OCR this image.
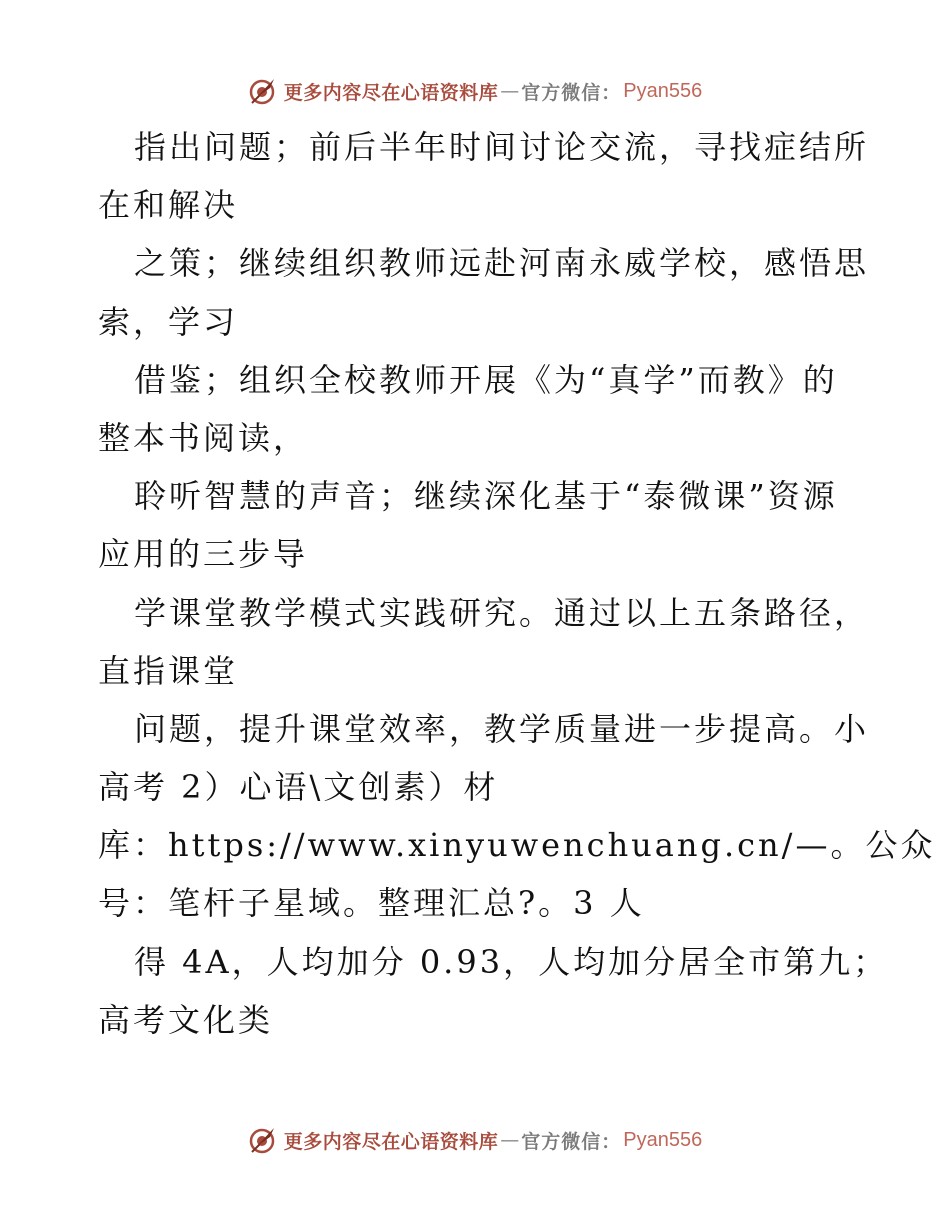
更多内容尽在心语资料库 — 官方微信： Pyan556
指出问题；前后半年时间讨论交流，寻找症结所
在和解决
之策；继续组织教师远赴河南永威学校，感悟思
索，学习
借鉴；组织全校教师开展《为“真学”而教》的
整本书阅读，
聆听智慧的声音；继续深化基于“泰微课”资源
应用的三步导
学课堂教学模式实践研究。通过以上五条路径，
直指课堂
问题，提升课堂效率，教学质量进一步提高。小
高考 2）心语\文创素）材
库：https://www.xinyuwenchuang.cn/—。公众
号：笔杆子星域。整理汇总?。3 人
得 4A，人均加分 0.93，人均加分居全市第九；
高考文化类
更多内容尽在心语资料库 — 官方微信： Pyan556
